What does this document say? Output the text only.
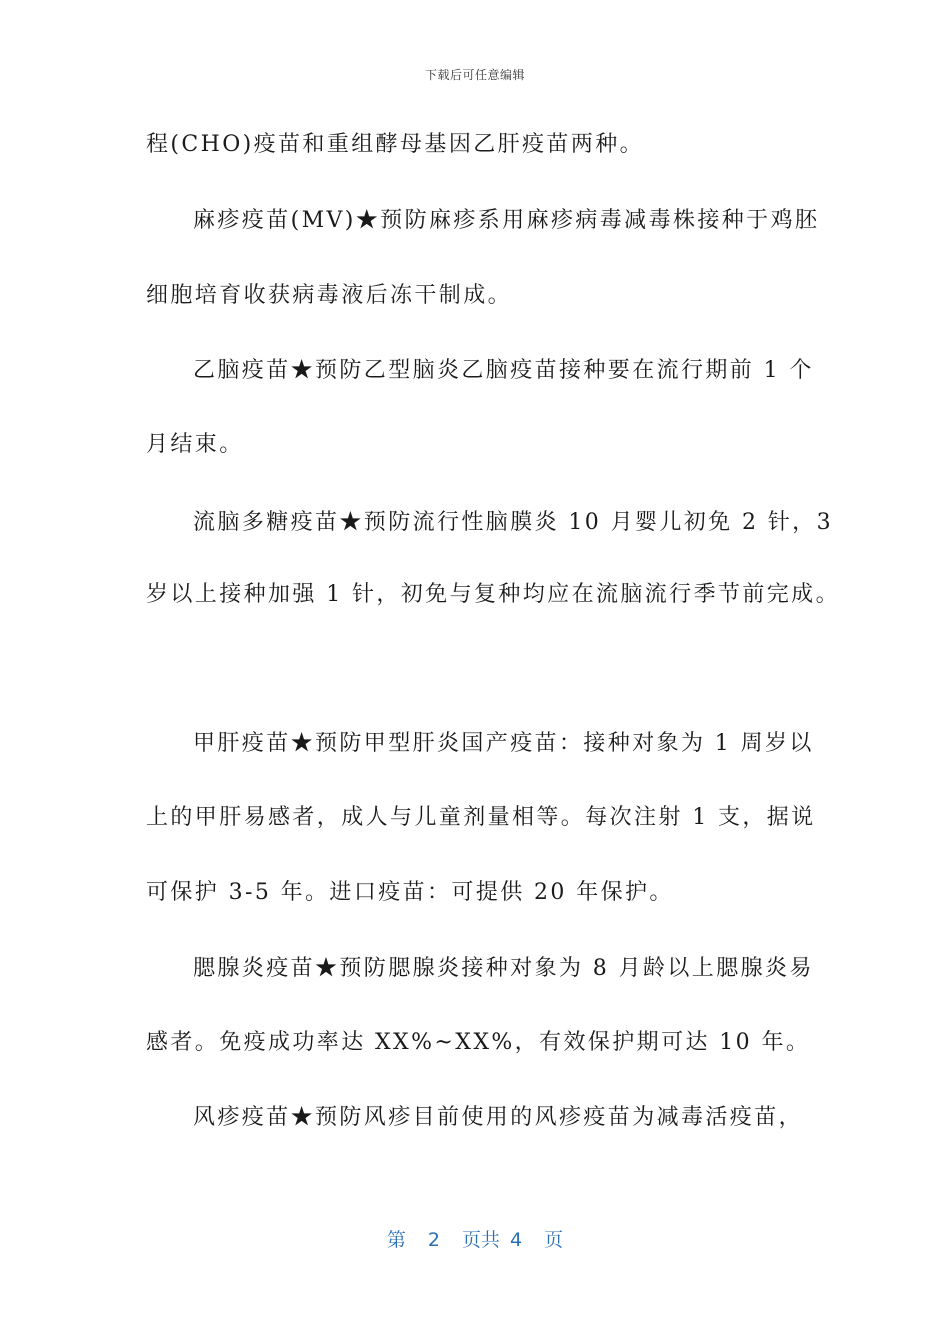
下载后可任意编辑
程(CHO)疫苗和重组酵母基因乙肝疫苗两种。
麻疹疫苗(MV)★预防麻疹系用麻疹病毒减毒株接种于鸡胚
细胞培育收获病毒液后冻干制成。
乙脑疫苗★预防乙型脑炎乙脑疫苗接种要在流行期前 1 个
月结束。
流脑多糖疫苗★预防流行性脑膜炎 10 月婴儿初免 2 针，3
岁以上接种加强 1 针，初免与复种均应在流脑流行季节前完成。
甲肝疫苗★预防甲型肝炎国产疫苗：接种对象为 1 周岁以
上的甲肝易感者，成人与儿童剂量相等。每次注射 1 支，据说
可保护 3-5 年。进口疫苗：可提供 20 年保护。
腮腺炎疫苗★预防腮腺炎接种对象为 8 月龄以上腮腺炎易
感者。免疫成功率达 XX%~XX%，有效保护期可达 10 年。
风疹疫苗★预防风疹目前使用的风疹疫苗为减毒活疫苗，
第 2 页共 4 页
